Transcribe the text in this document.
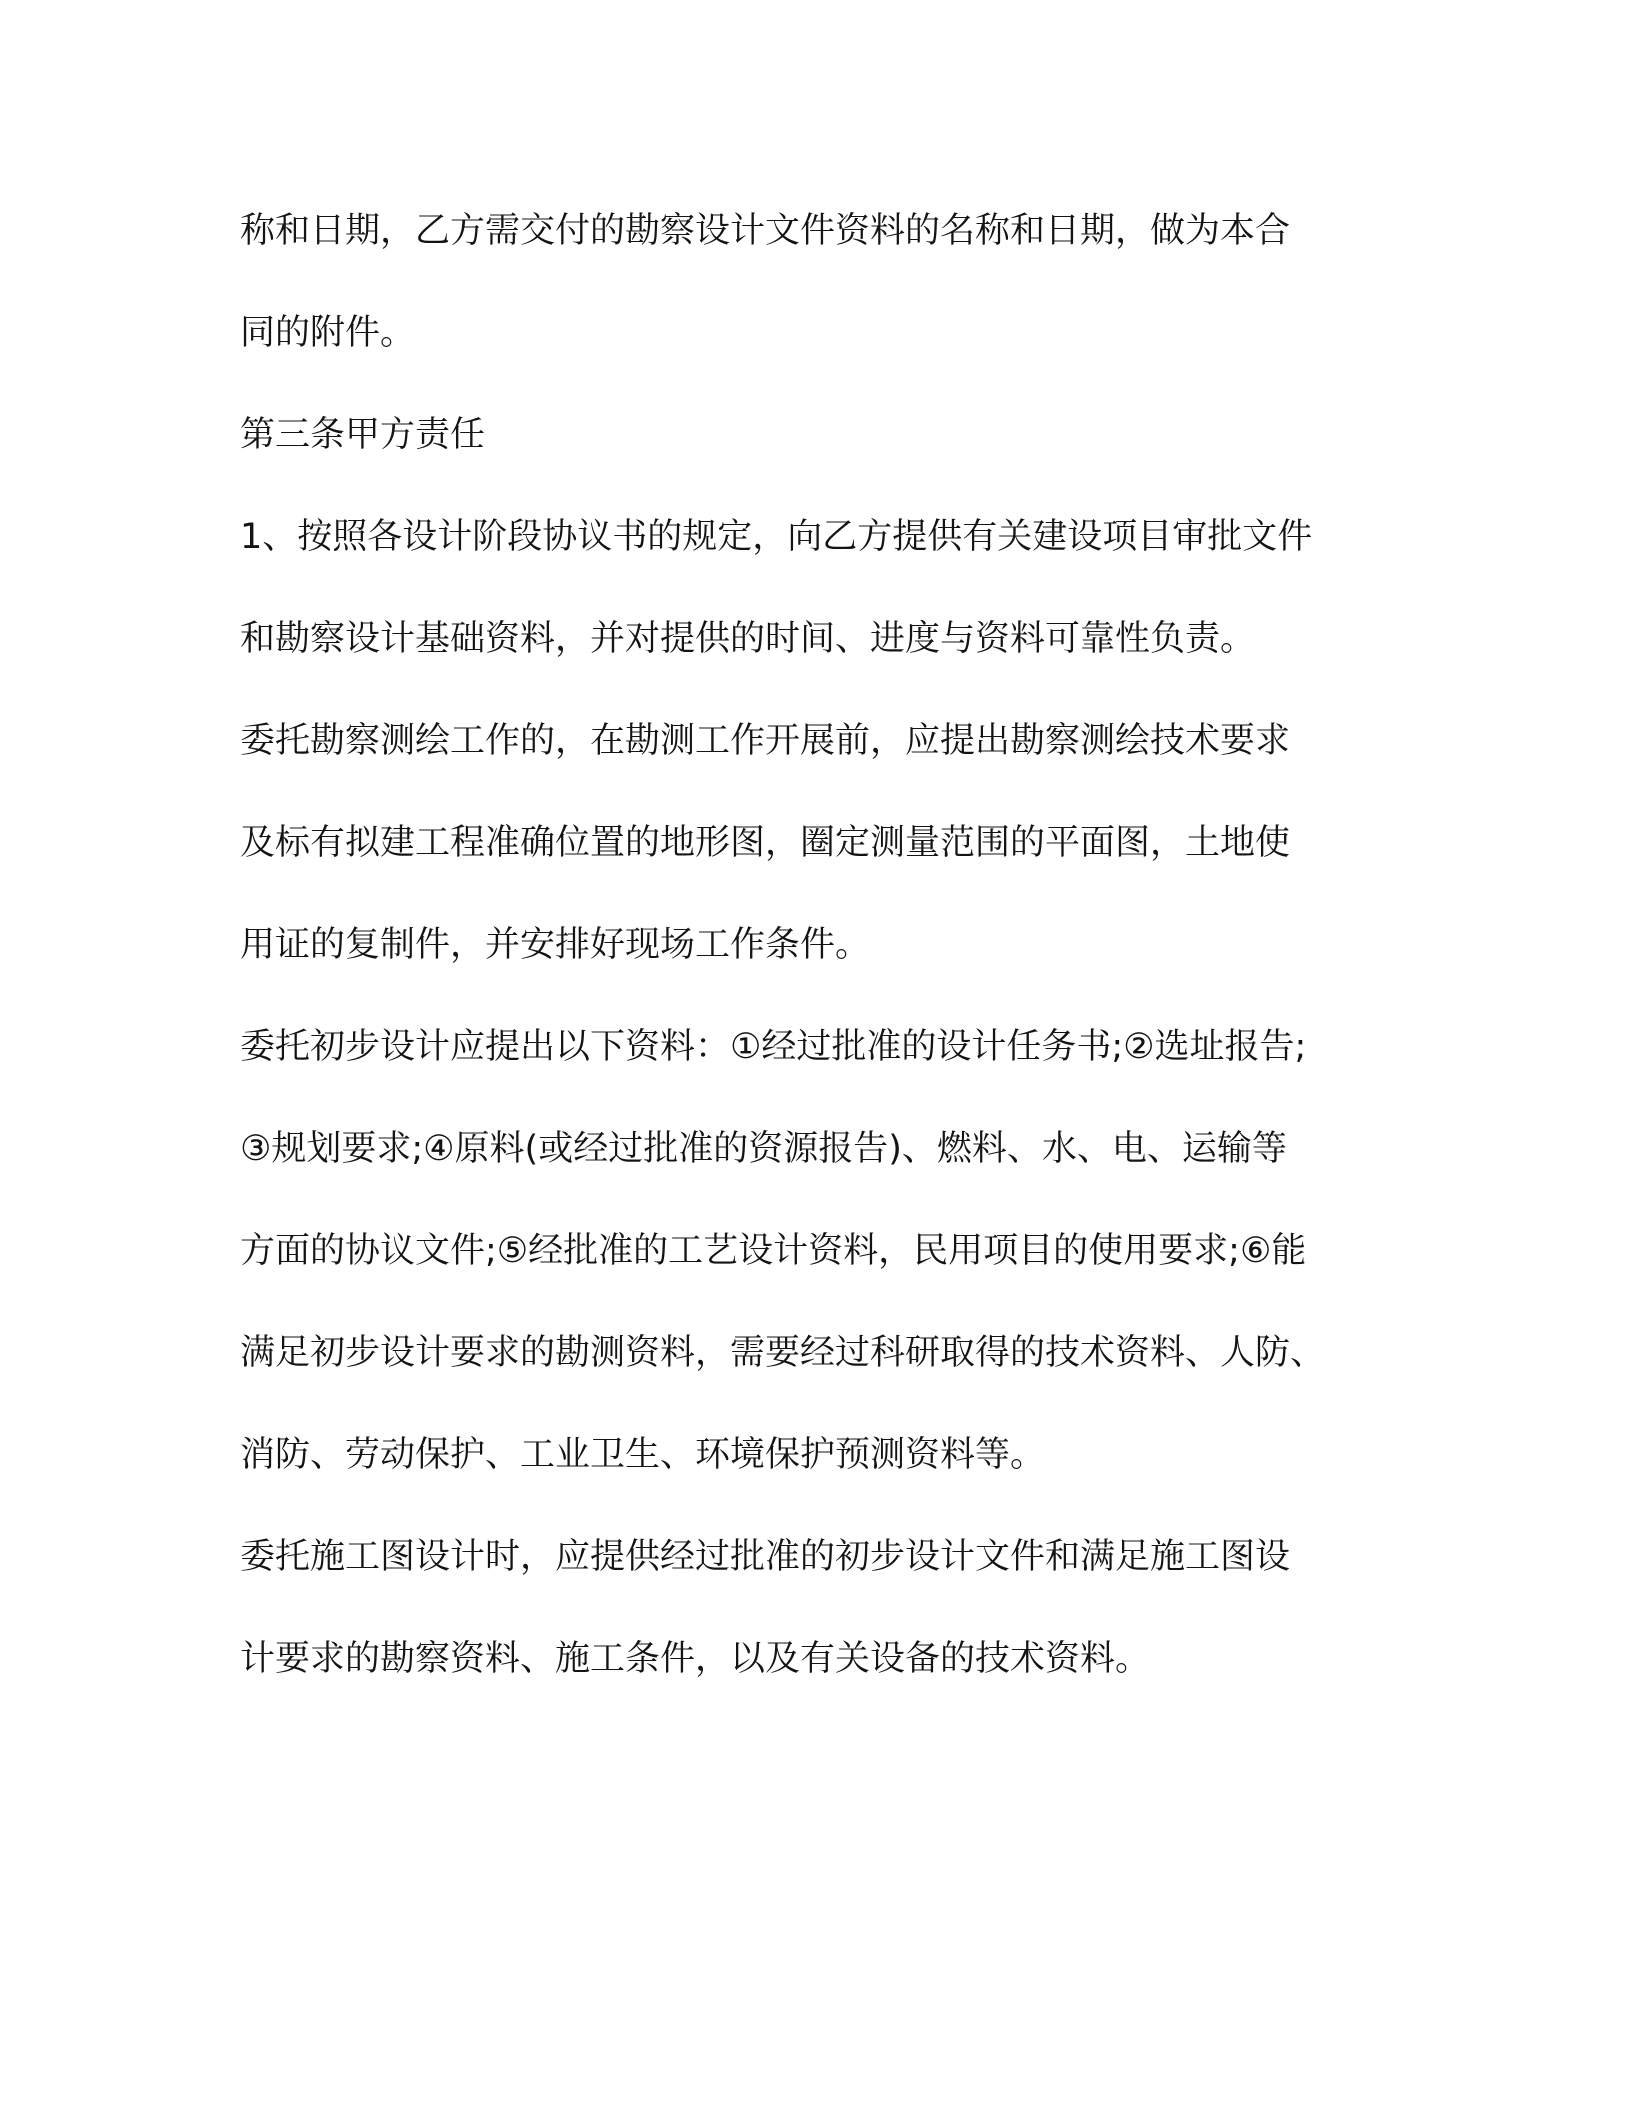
称和日期，乙方需交付的勘察设计文件资料的名称和日期，做为本合
同的附件。
第三条甲方责任
1、按照各设计阶段协议书的规定，向乙方提供有关建设项目审批文件
和勘察设计基础资料，并对提供的时间、进度与资料可靠性负责。
委托勘察测绘工作的，在勘测工作开展前，应提出勘察测绘技术要求
及标有拟建工程准确位置的地形图，圈定测量范围的平面图，土地使
用证的复制件，并安排好现场工作条件。
委托初步设计应提出以下资料：①经过批准的设计任务书;②选址报告;
③规划要求;④原料(或经过批准的资源报告)、燃料、水、电、运输等
方面的协议文件;⑤经批准的工艺设计资料，民用项目的使用要求;⑥能
满足初步设计要求的勘测资料，需要经过科研取得的技术资料、人防、
消防、劳动保护、工业卫生、环境保护预测资料等。
委托施工图设计时，应提供经过批准的初步设计文件和满足施工图设
计要求的勘察资料、施工条件，以及有关设备的技术资料。
